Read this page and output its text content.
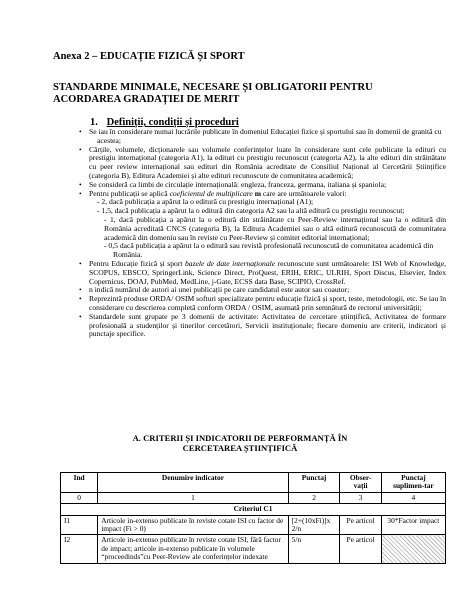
Anexa 2 – EDUCAȚIE FIZICĂ ȘI SPORT
STANDARDE MINIMALE, NECESARE ȘI OBLIGATORII PENTRU ACORDAREA GRADAȚIEI DE MERIT
1. Definiții, condiții și proceduri

• Se iau în considerare numai lucrările publicate în domeniul Educației fizice și sportului sau în domenii de granită cu

acestea;

• Cărțile, volumele, dicționarele sau volumele conferințelor luate în considerare sunt cele publicate la edituri cu prestigiu internațional (categoria A1), la edituri cu prestigiu recunoscut (categoria A2), la alte edituri din străinătate cu peer review internațional sau edituri din România acreditate de Consiliul Național al Cercetării Științifice (categoria B), Editura Academiei și alte edituri recunoscute de comunitatea academică;

• Se consideră ca limbi de circulație internațională: engleza, franceza, germana, italiana și spaniola;

• Pentru publicații se aplică coeficientul de multiplicare m care are următoarele valori:

- 2, dacă publicația a apărut la o editură cu prestigiu internațional (A1);

- 1,5, dacă publicația a apărut la o editură din categoria A2 sau la altă editură cu prestigiu recunoscut;

- 1, dacă publicația a apărut la o editură din străinătate cu Peer-Review internațional sau la o editură din România acreditată CNCS (categoria B), la Editura Academiei sau o altă editură recunoscută de comunitatea academică din domeniu sau în reviste cu Peer-Review și comitet editorial internațional;

- 0,5 dacă publicația a apărut la o editură sau revistă profesională recunoscută de comunitatea academică din

România.

• Pentru Educație fizică și sport bazele de date internaționale recunoscute sunt următoarele: ISI Web of Knowledge, SCOPUS, EBSCO, SpringerLink, Science Direct, ProQuest, ERIH, ERIC, ULRIH, Sport Discus, Elsevier, Index Copernicus, DOAJ, PubMed, MedLine, j-Gate, ECSS data Base, SCIPIO, CrossRef.

• n indică numărul de autori ai unei publicații pe care candidatul este autor sau coautor;

• Reprezintă produse ORDA/ OSIM softuri specializate pentru educație fizică și sport, teste, metodologii, etc. Se iau în considerare cu descrierea completă conform ORDA / OSIM, asumată prin semnătură de rectorul universității;

• Standardele sunt grupate pe 3 domenii de activitate: Activitatea de cercetare științifică, Activitatea de formare profesională a studenților și tinerilor cercetători, Servicii instituționale; fiecare domeniu are criterii, indicatori și punctaje specifice.

A. CRITERII ȘI INDICATORII DE PERFORMANȚĂ ÎN CERCETAREA ȘTIINȚIFICĂ
Ind	Denumire indicator	Punctaj	Obser-vații	Punctaj suplimen-tar
0	1	2	3	4
Criteriul C1				
I1	Articole in-extenso publicate în reviste cotate ISI cu factor de impact (Fi > 0)	[2+(10xFi)]x 2/n	Pe articol	30*Factor impact
I2	Articole in-extenso publicate în reviste cotate ISI, fără factor de impact; articole in-extenso publicate în volumele “proceedinds”cu Peer-Review ale conferințelor indexate	5/n	Pe articol	
